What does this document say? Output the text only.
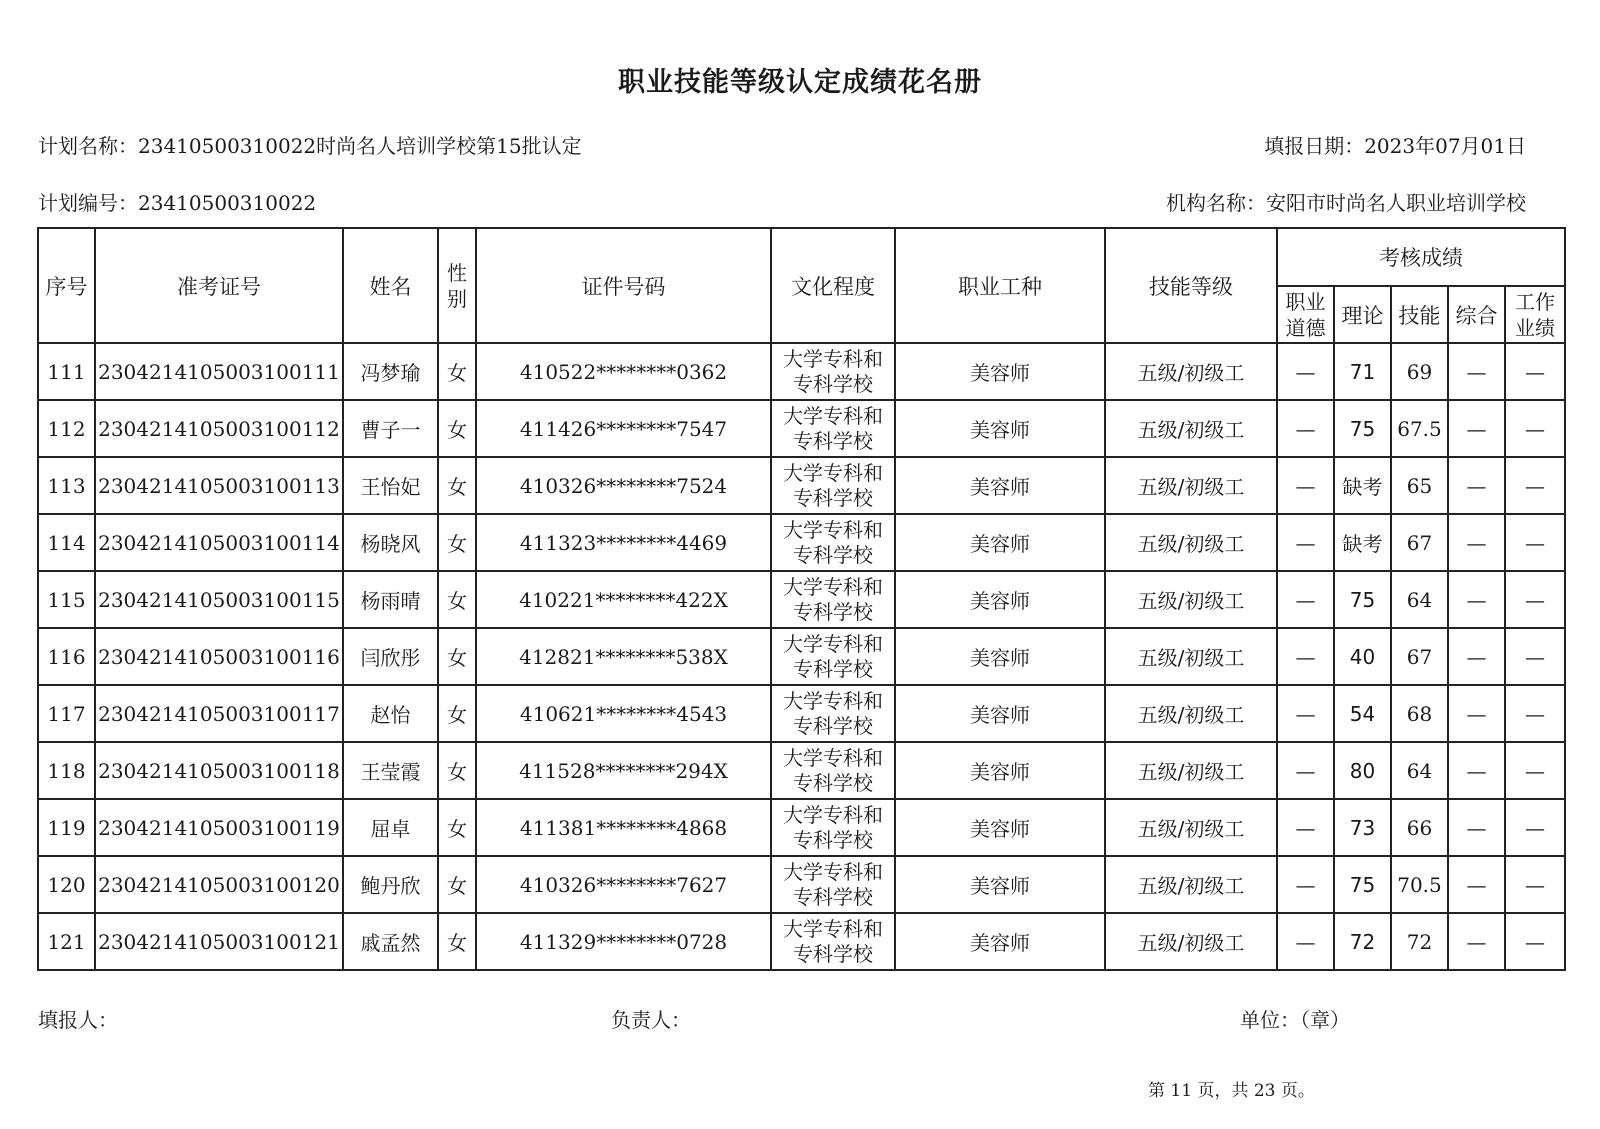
职业技能等级认定成绩花名册
计划名称：23410500310022时尚名人培训学校第15批认定	填报日期：2023年07月01日
计划编号：23410500310022	机构名称：安阳市时尚名人职业培训学校
序号	准考证号	姓名	性
别	证件号码	文化程度	职业工种	技能等级	考核成绩				

								职业
道德	理论	技能	综合	工作
业绩

111	2304214105003100111	冯梦瑜	女	410522********0362	大学专科和
专科学校	美容师	五级/初级工	—	71	69	—	—
112	2304214105003100112	曹子一	女	411426********7547	大学专科和
专科学校	美容师	五级/初级工	—	75	67.5	—	—
113	2304214105003100113	王怡妃	女	410326********7524	大学专科和
专科学校	美容师	五级/初级工	—	缺考	65	—	—
114	2304214105003100114	杨晓风	女	411323********4469	大学专科和
专科学校	美容师	五级/初级工	—	缺考	67	—	—
115	2304214105003100115	杨雨晴	女	410221********422X	大学专科和
专科学校	美容师	五级/初级工	—	75	64	—	—
116	2304214105003100116	闫欣彤	女	412821********538X	大学专科和
专科学校	美容师	五级/初级工	—	40	67	—	—
117	2304214105003100117	赵怡	女	410621********4543	大学专科和
专科学校	美容师	五级/初级工	—	54	68	—	—
118	2304214105003100118	王莹霞	女	411528********294X	大学专科和
专科学校	美容师	五级/初级工	—	80	64	—	—
119	2304214105003100119	屈卓	女	411381********4868	大学专科和
专科学校	美容师	五级/初级工	—	73	66	—	—
120	2304214105003100120	鲍丹欣	女	410326********7627	大学专科和
专科学校	美容师	五级/初级工	—	75	70.5	—	—
121	2304214105003100121	戚孟然	女	411329********0728	大学专科和
专科学校	美容师	五级/初级工	—	72	72	—	—
填报人：	负责人：	单位：（章）
第 11 页，共 23 页。
